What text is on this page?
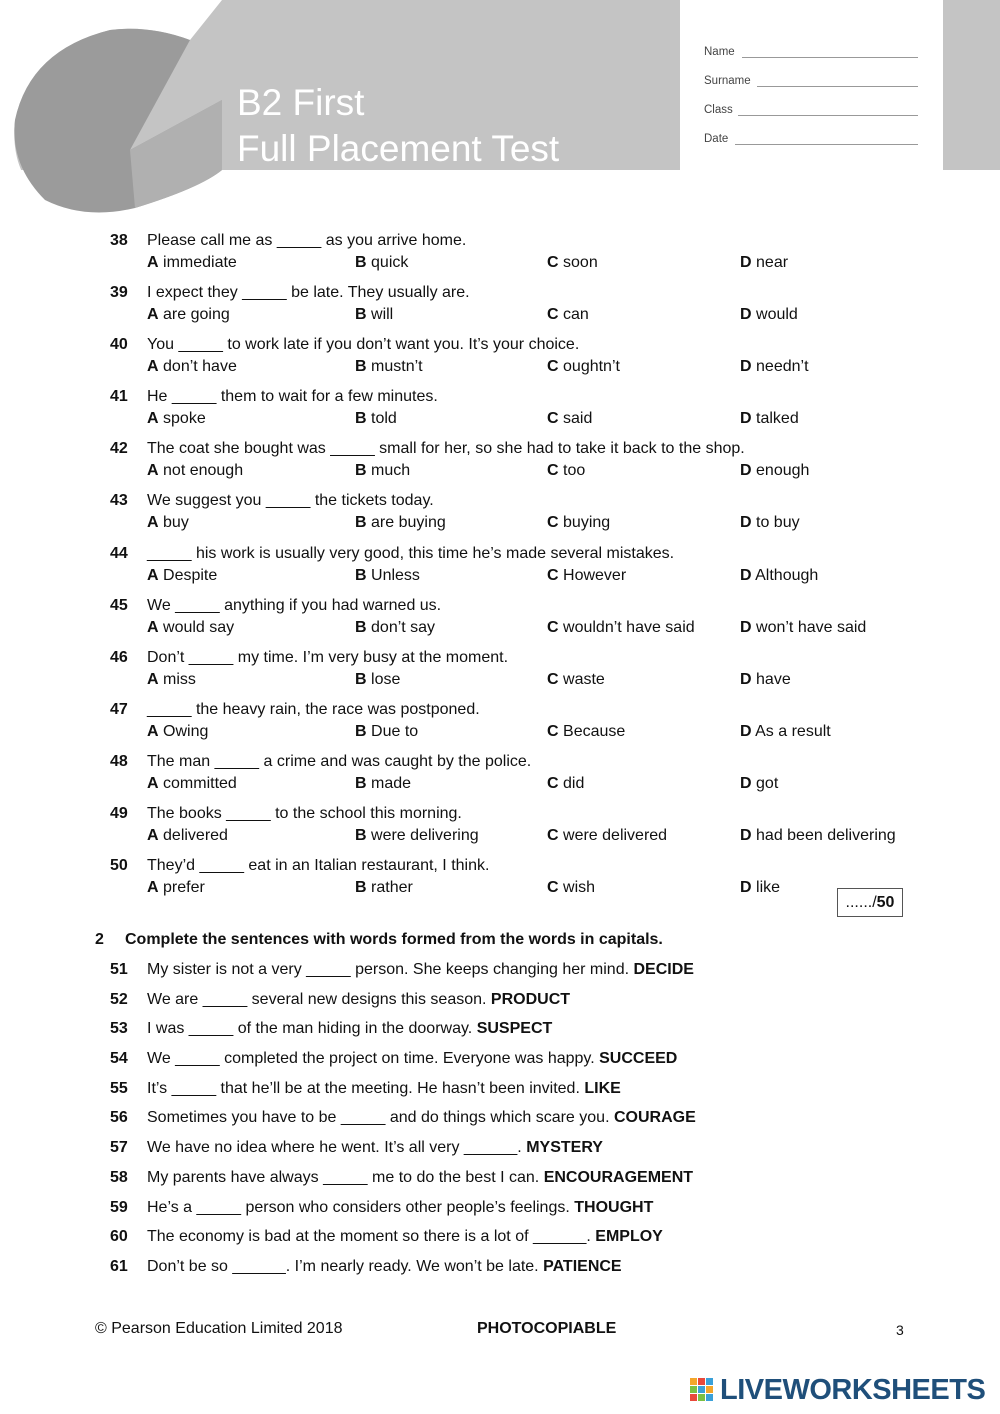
B2 First
Full Placement Test
Name
Surname
Class
Date
38 Please call me as _____ as you arrive home.
A immediate	B quick	C soon	D near
39 I expect they _____ be late. They usually are.
A are going	B will	C can	D would
40 You _____ to work late if you don’t want you. It’s your choice.
A don’t have	B mustn’t	C oughtn’t	D needn’t
41 He _____ them to wait for a few minutes.
A spoke	B told	C said	D talked
42 The coat she bought was _____ small for her, so she had to take it back to the shop.
A not enough	B much	C too	D enough
43 We suggest you _____ the tickets today.
A buy	B are buying	C buying	D to buy
44 _____ his work is usually very good, this time he’s made several mistakes.
A Despite	B Unless	C However	D Although
45 We _____ anything if you had warned us.
A would say	B don’t say	C wouldn’t have said	D won’t have said
46 Don’t _____ my time. I’m very busy at the moment.
A miss	B lose	C waste	D have
47 _____ the heavy rain, the race was postponed.
A Owing	B Due to	C Because	D As a result
48 The man _____ a crime and was caught by the police.
A committed	B made	C did	D got
49 The books _____ to the school this morning.
A delivered	B were delivering	C were delivered	D had been delivering
50 They’d _____ eat in an Italian restaurant, I think.
A prefer	B rather	C wish	D like
....../50
2 Complete the sentences with words formed from the words in capitals.
51 My sister is not a very _____ person. She keeps changing her mind. DECIDE
52 We are _____ several new designs this season. PRODUCT
53 I was _____ of the man hiding in the doorway. SUSPECT
54 We _____ completed the project on time. Everyone was happy. SUCCEED
55 It’s _____ that he’ll be at the meeting. He hasn’t been invited. LIKE
56 Sometimes you have to be _____ and do things which scare you. COURAGE
57 We have no idea where he went. It’s all very ______. MYSTERY
58 My parents have always _____ me to do the best I can. ENCOURAGEMENT
59 He’s a _____ person who considers other people’s feelings. THOUGHT
60 The economy is bad at the moment so there is a lot of ______. EMPLOY
61 Don’t be so ______. I’m nearly ready. We won’t be late. PATIENCE
© Pearson Education Limited 2018	PHOTOCOPIABLE	3
LIVEWORKSHEETS
